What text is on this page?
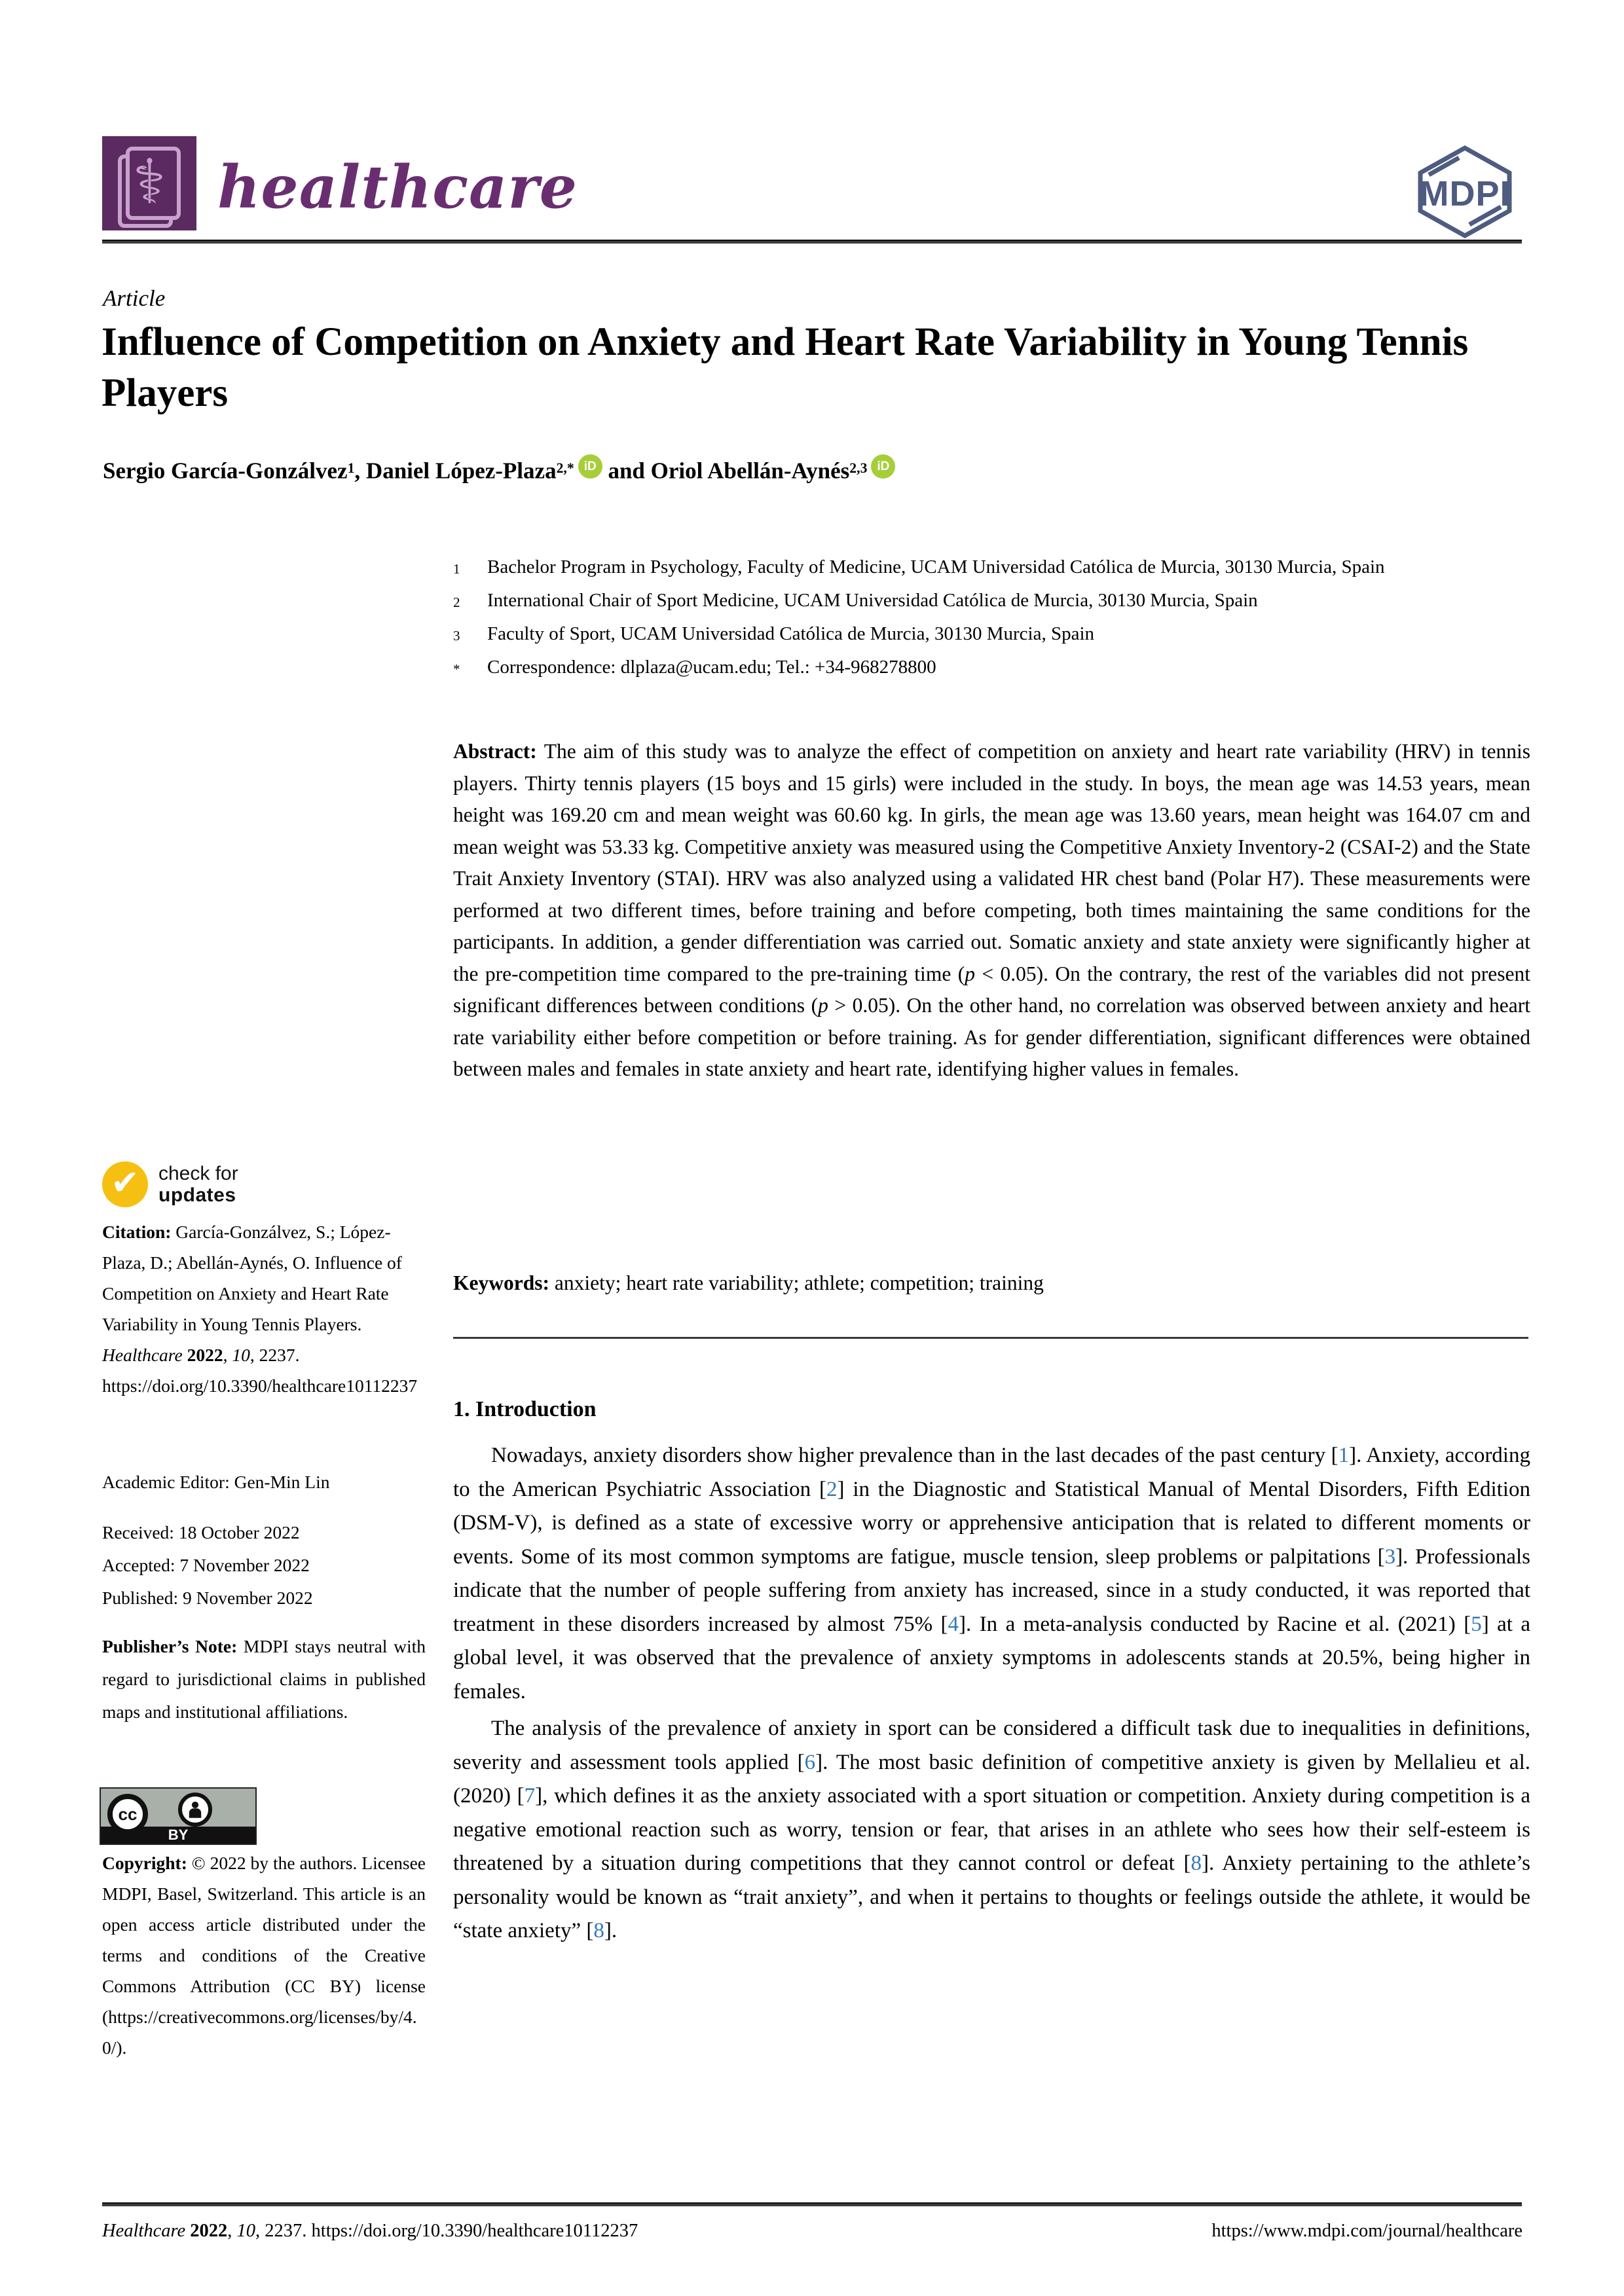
⚕ healthcare	MDPI
Article
Influence of Competition on Anxiety and Heart Rate Variability in Young Tennis Players
Sergio García-Gonzálvez$^1$, Daniel López-Plaza$^{2,*}$ iD and Oriol Abellán-Aynés$^{2,3}$ iD
1	Bachelor Program in Psychology, Faculty of Medicine, UCAM Universidad Católica de Murcia, 30130 Murcia, Spain
2	International Chair of Sport Medicine, UCAM Universidad Católica de Murcia, 30130 Murcia, Spain
3	Faculty of Sport, UCAM Universidad Católica de Murcia, 30130 Murcia, Spain
*	Correspondence: dlplaza@ucam.edu; Tel.: +34-968278800
Abstract: The aim of this study was to analyze the effect of competition on anxiety and heart rate variability (HRV) in tennis players. Thirty tennis players (15 boys and 15 girls) were included in the study. In boys, the mean age was 14.53 years, mean height was 169.20 cm and mean weight was 60.60 kg. In girls, the mean age was 13.60 years, mean height was 164.07 cm and mean weight was 53.33 kg. Competitive anxiety was measured using the Competitive Anxiety Inventory-2 (CSAI-2) and the State Trait Anxiety Inventory (STAI). HRV was also analyzed using a validated HR chest band (Polar H7). These measurements were performed at two different times, before training and before competing, both times maintaining the same conditions for the participants. In addition, a gender differentiation was carried out. Somatic anxiety and state anxiety were significantly higher at the pre-competition time compared to the pre-training time (p < 0.05). On the contrary, the rest of the variables did not present significant differences between conditions (p > 0.05). On the other hand, no correlation was observed between anxiety and heart rate variability either before competition or before training. As for gender differentiation, significant differences were obtained between males and females in state anxiety and heart rate, identifying higher values in females.
Keywords: anxiety; heart rate variability; athlete; competition; training
✔ check for
updates
Citation: García-Gonzálvez, S.; López-Plaza, D.; Abellán-Aynés, O. Influence of Competition on Anxiety and Heart Rate Variability in Young Tennis Players. Healthcare 2022, 10, 2237. https://doi.org/10.3390/healthcare10112237
Academic Editor: Gen-Min Lin
Received: 18 October 2022
Accepted: 7 November 2022
Published: 9 November 2022
Publisher’s Note: MDPI stays neutral with regard to jurisdictional claims in published maps and institutional affiliations.
cc
BY
Copyright: © 2022 by the authors. Licensee MDPI, Basel, Switzerland. This article is an open access article distributed under the terms and conditions of the Creative Commons Attribution (CC BY) license (https://creativecommons.org/licenses/by/4.0/).
1. Introduction

Nowadays, anxiety disorders show higher prevalence than in the last decades of the past century [1]. Anxiety, according to the American Psychiatric Association [2] in the Diagnostic and Statistical Manual of Mental Disorders, Fifth Edition (DSM-V), is defined as a state of excessive worry or apprehensive anticipation that is related to different moments or events. Some of its most common symptoms are fatigue, muscle tension, sleep problems or palpitations [3]. Professionals indicate that the number of people suffering from anxiety has increased, since in a study conducted, it was reported that treatment in these disorders increased by almost 75% [4]. In a meta-analysis conducted by Racine et al. (2021) [5] at a global level, it was observed that the prevalence of anxiety symptoms in adolescents stands at 20.5%, being higher in females.

The analysis of the prevalence of anxiety in sport can be considered a difficult task due to inequalities in definitions, severity and assessment tools applied [6]. The most basic definition of competitive anxiety is given by Mellalieu et al. (2020) [7], which defines it as the anxiety associated with a sport situation or competition. Anxiety during competition is a negative emotional reaction such as worry, tension or fear, that arises in an athlete who sees how their self-esteem is threatened by a situation during competitions that they cannot control or defeat [8]. Anxiety pertaining to the athlete’s personality would be known as “trait anxiety”, and when it pertains to thoughts or feelings outside the athlete, it would be “state anxiety” [8].

Healthcare 2022, 10, 2237. https://doi.org/10.3390/healthcare10112237	https://www.mdpi.com/journal/healthcare
